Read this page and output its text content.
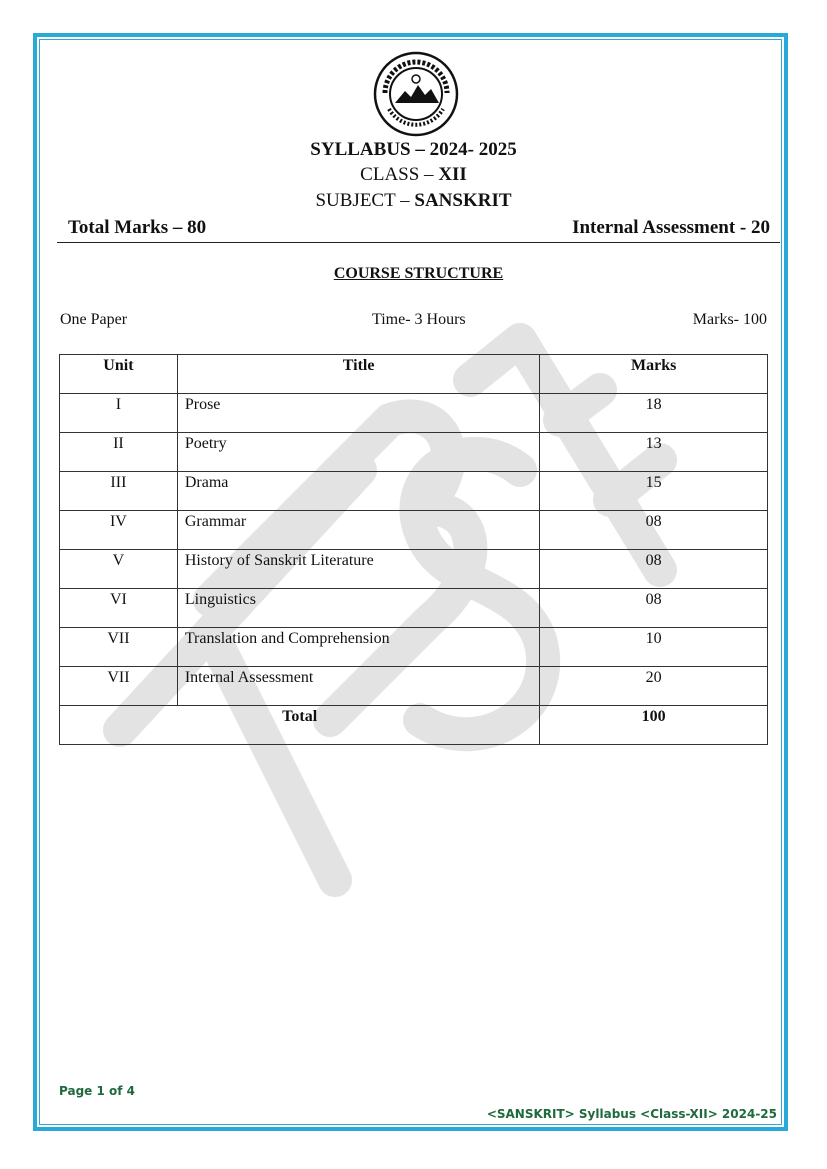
SYLLABUS – 2024- 2025
CLASS – XII
SUBJECT – SANSKRIT
Total Marks – 80	Internal Assessment - 20
COURSE STRUCTURE
One Paper	Time- 3 Hours	Marks- 100
Unit	Title	Marks
I	Prose	18
II	Poetry	13
III	Drama	15
IV	Grammar	08
V	History of Sanskrit Literature	08
VI	Linguistics	08
VII	Translation and Comprehension	10
VII	Internal Assessment	20
Total		100
Page 1 of 4
<SANSKRIT> Syllabus <Class-XII> 2024-25
